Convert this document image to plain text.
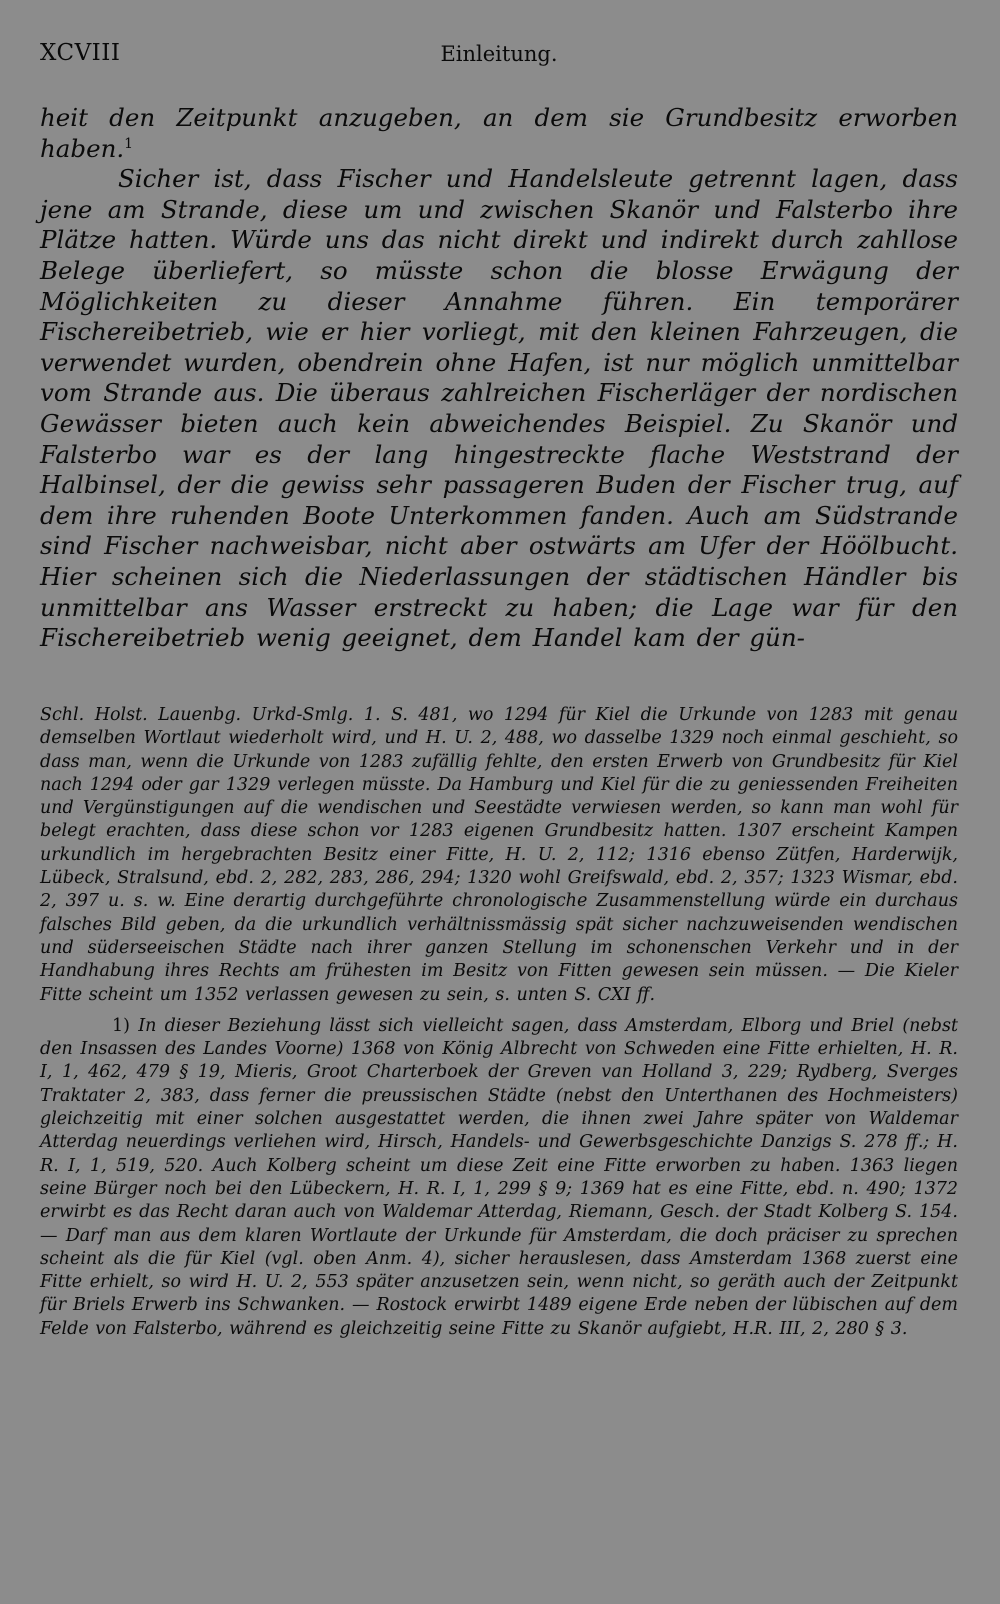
XCVIII	Einleitung.

heit den Zeitpunkt anzugeben, an dem sie Grundbesitz erworben haben.$^1$

Sicher ist, dass Fischer und Handelsleute getrennt lagen, dass jene am Strande, diese um und zwischen Skanör und Falsterbo ihre Plätze hatten. Würde uns das nicht direkt und indirekt durch zahllose Belege überliefert, so müsste schon die blosse Erwägung der Möglichkeiten zu dieser Annahme führen. Ein temporärer Fischereibetrieb, wie er hier vorliegt, mit den kleinen Fahrzeugen, die verwendet wurden, obendrein ohne Hafen, ist nur möglich unmittelbar vom Strande aus. Die überaus zahlreichen Fischerläger der nordischen Gewässer bieten auch kein abweichendes Beispiel. Zu Skanör und Falsterbo war es der lang hingestreckte flache Weststrand der Halbinsel, der die gewiss sehr passageren Buden der Fischer trug, auf dem ihre ruhenden Boote Unterkommen fanden. Auch am Südstrande sind Fischer nachweisbar, nicht aber ostwärts am Ufer der Höölbucht. Hier scheinen sich die Niederlassungen der städtischen Händler bis unmittelbar ans Wasser erstreckt zu haben; die Lage war für den Fischereibetrieb wenig geeignet, dem Handel kam der gün-

Schl. Holst. Lauenbg. Urkd-Smlg. 1. S. 481, wo 1294 für Kiel die Urkunde von 1283 mit genau demselben Wortlaut wiederholt wird, und H. U. 2, 488, wo dasselbe 1329 noch einmal geschieht, so dass man, wenn die Urkunde von 1283 zufällig fehlte, den ersten Erwerb von Grundbesitz für Kiel nach 1294 oder gar 1329 verlegen müsste. Da Hamburg und Kiel für die zu geniessenden Freiheiten und Vergünstigungen auf die wendischen und Seestädte verwiesen werden, so kann man wohl für belegt erachten, dass diese schon vor 1283 eigenen Grundbesitz hatten. 1307 erscheint Kampen urkundlich im hergebrachten Besitz einer Fitte, H. U. 2, 112; 1316 ebenso Zütfen, Harderwijk, Lübeck, Stralsund, ebd. 2, 282, 283, 286, 294; 1320 wohl Greifswald, ebd. 2, 357; 1323 Wismar, ebd. 2, 397 u. s. w. Eine derartig durchgeführte chronologische Zusammenstellung würde ein durchaus falsches Bild geben, da die urkundlich verhältnissmässig spät sicher nachzuweisenden wendischen und süderseeischen Städte nach ihrer ganzen Stellung im schonenschen Verkehr und in der Handhabung ihres Rechts am frühesten im Besitz von Fitten gewesen sein müssen. — Die Kieler Fitte scheint um 1352 verlassen gewesen zu sein, s. unten S. CXI ff.

1) In dieser Beziehung lässt sich vielleicht sagen, dass Amsterdam, Elborg und Briel (nebst den Insassen des Landes Voorne) 1368 von König Albrecht von Schweden eine Fitte erhielten, H. R. I, 1, 462, 479 § 19, Mieris, Groot Charterboek der Greven van Holland 3, 229; Rydberg, Sverges Traktater 2, 383, dass ferner die preussischen Städte (nebst den Unterthanen des Hochmeisters) gleichzeitig mit einer solchen ausgestattet werden, die ihnen zwei Jahre später von Waldemar Atterdag neuerdings verliehen wird, Hirsch, Handels- und Gewerbsgeschichte Danzigs S. 278 ff.; H. R. I, 1, 519, 520. Auch Kolberg scheint um diese Zeit eine Fitte erworben zu haben. 1363 liegen seine Bürger noch bei den Lübeckern, H. R. I, 1, 299 § 9; 1369 hat es eine Fitte, ebd. n. 490; 1372 erwirbt es das Recht daran auch von Waldemar Atterdag, Riemann, Gesch. der Stadt Kolberg S. 154. — Darf man aus dem klaren Wortlaute der Urkunde für Amsterdam, die doch präciser zu sprechen scheint als die für Kiel (vgl. oben Anm. 4), sicher herauslesen, dass Amsterdam 1368 zuerst eine Fitte erhielt, so wird H. U. 2, 553 später anzusetzen sein, wenn nicht, so geräth auch der Zeitpunkt für Briels Erwerb ins Schwanken. — Rostock erwirbt 1489 eigene Erde neben der lübischen auf dem Felde von Falsterbo, während es gleichzeitig seine Fitte zu Skanör aufgiebt, H.R. III, 2, 280 § 3.
